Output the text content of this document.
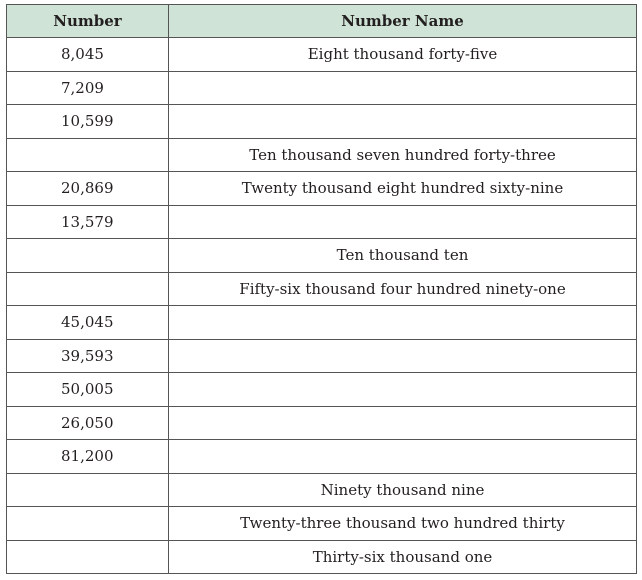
Number	Number Name
8,045	Eight thousand forty-five
7,209	
10,599	
	Ten thousand seven hundred forty-three
20,869	Twenty thousand eight hundred sixty-nine
13,579	
	Ten thousand ten
	Fifty-six thousand four hundred ninety-one
45,045	
39,593	
50,005	
26,050	
81,200	
	Ninety thousand nine
	Twenty-three thousand two hundred thirty
	Thirty-six thousand one
